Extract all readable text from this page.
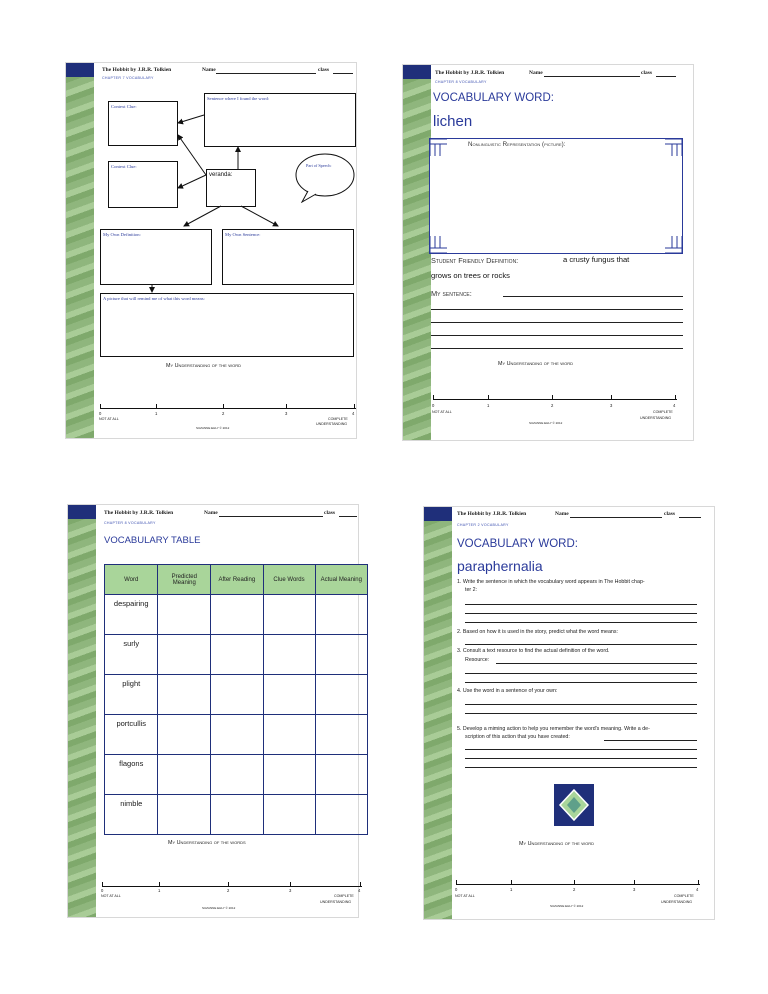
The Hobbit by J.R.R. Tolkien	Name	class
CHAPTER 7 VOCABULARY
Context Clue:
Sentence where I found the word:
Context Clue:
veranda:
Part of Speech:
My Own Definition:	My Own Sentence:
A picture that will remind me of what this word means:
My Understanding of the word
0	1	2	3	4
NOT AT ALL	COMPLETE
UNDERSTANDING
SUZANNE EHLY © 2012
The Hobbit by J.R.R. Tolkien	Name	class
CHAPTER 8 VOCABULARY
VOCABULARY WORD:
lichen
Nonlinguistic Representation (picture):
Student Friendly Definition:	a crusty fungus that
grows on trees or rocks
My sentence:
My Understanding of the word
0	1	2	3	4
NOT AT ALL	COMPLETE
UNDERSTANDING
SUZANNE EHLY © 2012
The Hobbit by J.R.R. Tolkien	Name	class
CHAPTER 8 VOCABULARY
VOCABULARY TABLE
Word	Predicted Meaning	After Reading	Clue Words	Actual Meaning
despairing				
surly				
plight				
portcullis				
flagons				
nimble				
My Understanding of the words
0	1	2	3	4
NOT AT ALL	COMPLETE
UNDERSTANDING
SUZANNE EHLY © 2012
The Hobbit by J.R.R. Tolkien	Name	class
CHAPTER 2 VOCABULARY
VOCABULARY WORD:
paraphernalia
1. Write the sentence in which the vocabulary word appears in The Hobbit chap-
ter 2:
2. Based on how it is used in the story, predict what the word means:
3. Consult a text resource to find the actual definition of the word.
Resource:
4. Use the word in a sentence of your own:
5. Develop a miming action to help you remember the word's meaning. Write a de-
scription of this action that you have created:
My Understanding of the word
0	1	2	3	4
NOT AT ALL	COMPLETE
UNDERSTANDING
SUZANNE EHLY © 2012
